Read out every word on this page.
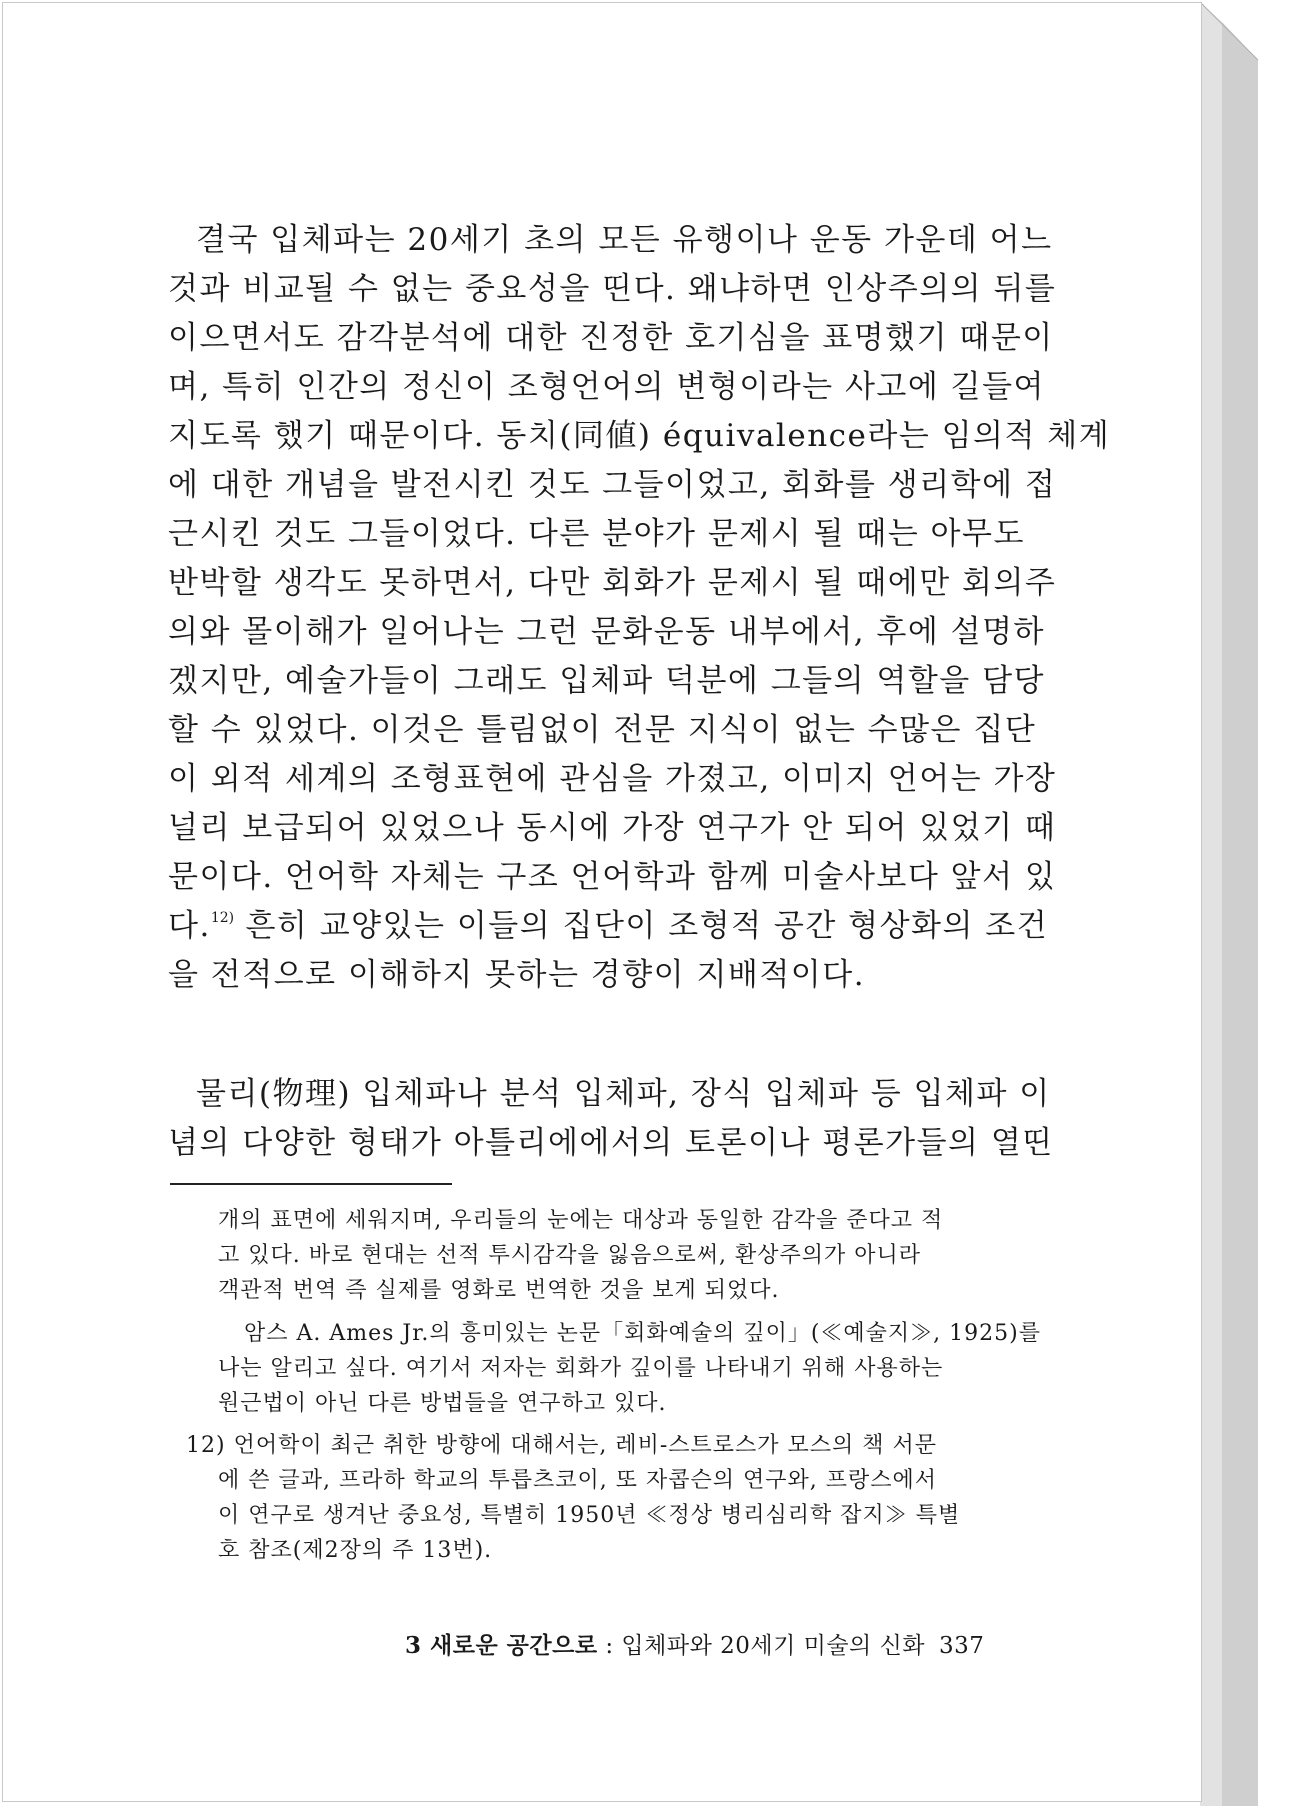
결국 입체파는 20세기 초의 모든 유행이나 운동 가운데 어느
것과 비교될 수 없는 중요성을 띤다. 왜냐하면 인상주의의 뒤를
이으면서도 감각분석에 대한 진정한 호기심을 표명했기 때문이
며, 특히 인간의 정신이 조형언어의 변형이라는 사고에 길들여
지도록 했기 때문이다. 동치(同値) équivalence라는 임의적 체계
에 대한 개념을 발전시킨 것도 그들이었고, 회화를 생리학에 접
근시킨 것도 그들이었다. 다른 분야가 문제시 될 때는 아무도
반박할 생각도 못하면서, 다만 회화가 문제시 될 때에만 회의주
의와 몰이해가 일어나는 그런 문화운동 내부에서, 후에 설명하
겠지만, 예술가들이 그래도 입체파 덕분에 그들의 역할을 담당
할 수 있었다. 이것은 틀림없이 전문 지식이 없는 수많은 집단
이 외적 세계의 조형표현에 관심을 가졌고, 이미지 언어는 가장
널리 보급되어 있었으나 동시에 가장 연구가 안 되어 있었기 때
문이다. 언어학 자체는 구조 언어학과 함께 미술사보다 앞서 있
다.$^{12)}$ 흔히 교양있는 이들의 집단이 조형적 공간 형상화의 조건
을 전적으로 이해하지 못하는 경향이 지배적이다.
물리(物理) 입체파나 분석 입체파, 장식 입체파 등 입체파 이
념의 다양한 형태가 아틀리에에서의 토론이나 평론가들의 열띤
개의 표면에 세워지며, 우리들의 눈에는 대상과 동일한 감각을 준다고 적
고 있다. 바로 현대는 선적 투시감각을 잃음으로써, 환상주의가 아니라
객관적 번역 즉 실제를 영화로 번역한 것을 보게 되었다.
암스 A. Ames Jr.의 흥미있는 논문「회화예술의 깊이」(≪예술지≫, 1925)를
나는 알리고 싶다. 여기서 저자는 회화가 깊이를 나타내기 위해 사용하는
원근법이 아닌 다른 방법들을 연구하고 있다.
12) 언어학이 최근 취한 방향에 대해서는, 레비-스트로스가 모스의 책 서문
에 쓴 글과, 프라하 학교의 투릅츠코이, 또 자콥슨의 연구와, 프랑스에서
이 연구로 생겨난 중요성, 특별히 1950년 ≪정상 병리심리학 잡지≫ 특별
호 참조(제2장의 주 13번).
3 새로운 공간으로 : 입체파와 20세기 미술의 신화 337
